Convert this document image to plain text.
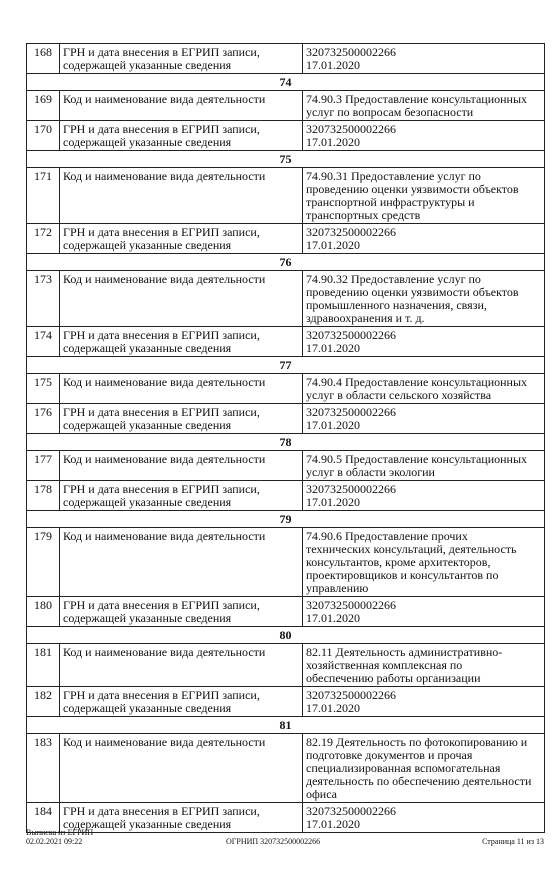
168	ГРН и дата внесения в ЕГРИП записи,
содержащей указанные сведения	320732500002266
17.01.2020
74		
169	Код и наименование вида деятельности	74.90.3 Предоставление консультационных
услуг по вопросам безопасности
170	ГРН и дата внесения в ЕГРИП записи,
содержащей указанные сведения	320732500002266
17.01.2020
75		
171	Код и наименование вида деятельности	74.90.31 Предоставление услуг по
проведению оценки уязвимости объектов
транспортной инфраструктуры и
транспортных средств
172	ГРН и дата внесения в ЕГРИП записи,
содержащей указанные сведения	320732500002266
17.01.2020
76		
173	Код и наименование вида деятельности	74.90.32 Предоставление услуг по
проведению оценки уязвимости объектов
промышленного назначения, связи,
здравоохранения и т. д.
174	ГРН и дата внесения в ЕГРИП записи,
содержащей указанные сведения	320732500002266
17.01.2020
77		
175	Код и наименование вида деятельности	74.90.4 Предоставление консультационных
услуг в области сельского хозяйства
176	ГРН и дата внесения в ЕГРИП записи,
содержащей указанные сведения	320732500002266
17.01.2020
78		
177	Код и наименование вида деятельности	74.90.5 Предоставление консультационных
услуг в области экологии
178	ГРН и дата внесения в ЕГРИП записи,
содержащей указанные сведения	320732500002266
17.01.2020
79		
179	Код и наименование вида деятельности	74.90.6 Предоставление прочих
технических консультаций, деятельность
консультантов, кроме архитекторов,
проектировщиков и консультантов по
управлению
180	ГРН и дата внесения в ЕГРИП записи,
содержащей указанные сведения	320732500002266
17.01.2020
80		
181	Код и наименование вида деятельности	82.11 Деятельность административно-
хозяйственная комплексная по
обеспечению работы организации
182	ГРН и дата внесения в ЕГРИП записи,
содержащей указанные сведения	320732500002266
17.01.2020
81		
183	Код и наименование вида деятельности	82.19 Деятельность по фотокопированию и
подготовке документов и прочая
специализированная вспомогательная
деятельность по обеспечению деятельности
офиса
184	ГРН и дата внесения в ЕГРИП записи,
содержащей указанные сведения	320732500002266
17.01.2020
Выписка из ЕГРИП
02.02.2021 09:22	ОГРНИП 320732500002266	Страница 11 из 13
